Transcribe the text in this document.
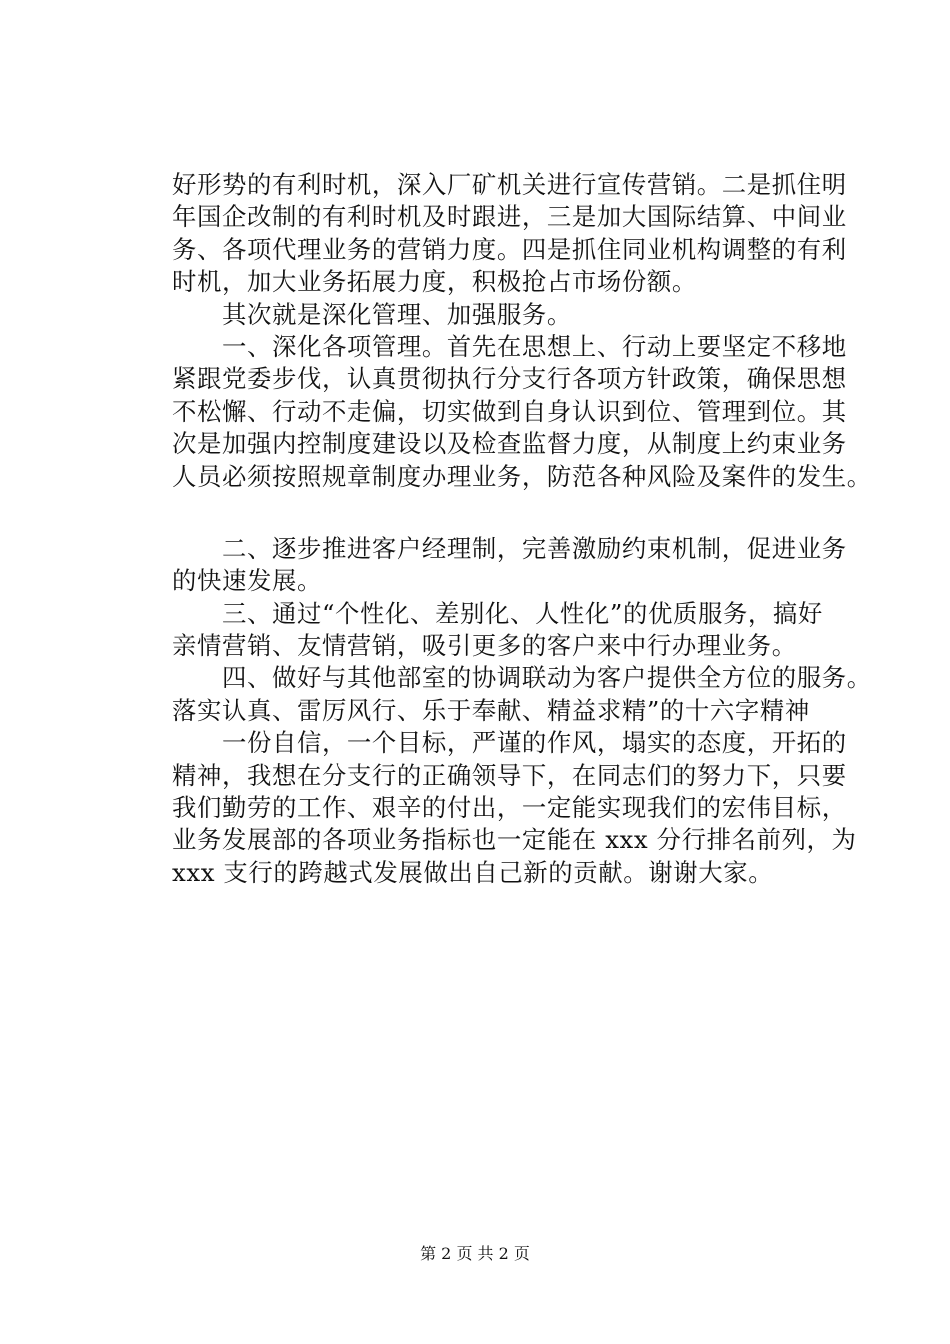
好形势的有利时机，深入厂矿机关进行宣传营销。二是抓住明
年国企改制的有利时机及时跟进，三是加大国际结算、中间业
务、各项代理业务的营销力度。四是抓住同业机构调整的有利
时机，加大业务拓展力度，积极抢占市场份额。
　　其次就是深化管理、加强服务。
　　一、深化各项管理。首先在思想上、行动上要坚定不移地
紧跟党委步伐，认真贯彻执行分支行各项方针政策，确保思想
不松懈、行动不走偏，切实做到自身认识到位、管理到位。其
次是加强内控制度建设以及检查监督力度，从制度上约束业务
人员必须按照规章制度办理业务，防范各种风险及案件的发生。
　　二、逐步推进客户经理制，完善激励约束机制，促进业务
的快速发展。
　　三、通过“个性化、差别化、人性化”的优质服务，搞好
亲情营销、友情营销，吸引更多的客户来中行办理业务。
　　四、做好与其他部室的协调联动为客户提供全方位的服务。
落实认真、雷厉风行、乐于奉献、精益求精”的十六字精神
　　一份自信，一个目标，严谨的作风，塌实的态度，开拓的
精神，我想在分支行的正确领导下，在同志们的努力下，只要
我们勤劳的工作、艰辛的付出，一定能实现我们的宏伟目标，
业务发展部的各项业务指标也一定能在 xxx 分行排名前列，为
xxx 支行的跨越式发展做出自己新的贡献。谢谢大家。
第 2 页 共 2 页
